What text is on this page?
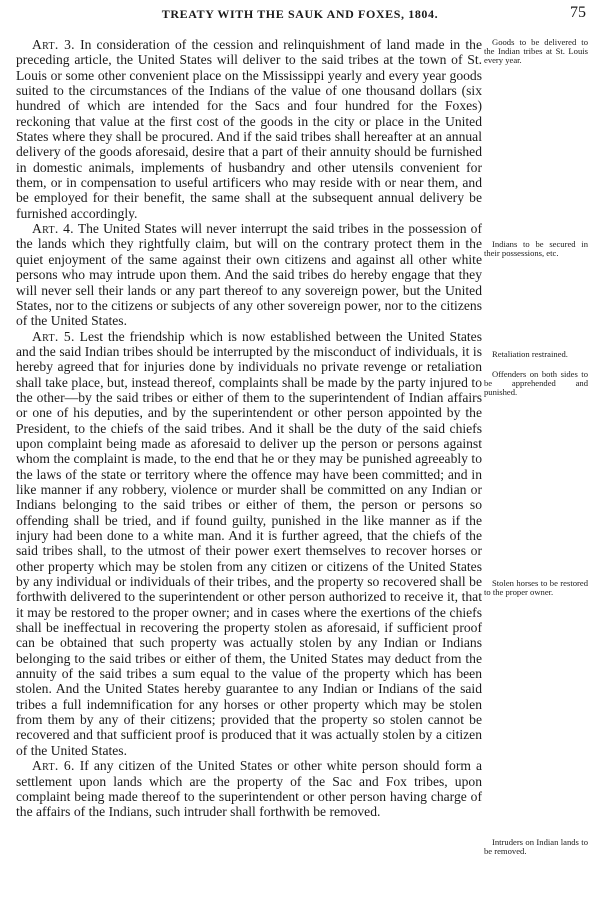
TREATY WITH THE SAUK AND FOXES, 1804.	75

Art. 3. In consideration of the cession and relinquishment of land made in the preceding article, the United States will deliver to the said tribes at the town of St. Louis or some other convenient place on the Mississippi yearly and every year goods suited to the circumstances of the Indians of the value of one thousand dollars (six hundred of which are intended for the Sacs and four hundred for the Foxes) reckoning that value at the first cost of the goods in the city or place in the United States where they shall be procured. And if the said tribes shall hereafter at an annual delivery of the goods aforesaid, desire that a part of their annuity should be furnished in domestic animals, implements of husbandry and other utensils convenient for them, or in compensation to useful artificers who may reside with or near them, and be employed for their benefit, the same shall at the subsequent annual delivery be furnished accordingly.

Art. 4. The United States will never interrupt the said tribes in the possession of the lands which they rightfully claim, but will on the contrary protect them in the quiet enjoyment of the same against their own citizens and against all other white persons who may intrude upon them. And the said tribes do hereby engage that they will never sell their lands or any part thereof to any sovereign power, but the United States, nor to the citizens or subjects of any other sovereign power, nor to the citizens of the United States.

Art. 5. Lest the friendship which is now established between the United States and the said Indian tribes should be interrupted by the misconduct of individuals, it is hereby agreed that for injuries done by individuals no private revenge or retaliation shall take place, but, instead thereof, complaints shall be made by the party injured to the other—by the said tribes or either of them to the superintendent of Indian affairs or one of his deputies, and by the superintendent or other person appointed by the President, to the chiefs of the said tribes. And it shall be the duty of the said chiefs upon complaint being made as aforesaid to deliver up the person or persons against whom the complaint is made, to the end that he or they may be punished agreeably to the laws of the state or territory where the offence may have been committed; and in like manner if any robbery, violence or murder shall be committed on any Indian or Indians belonging to the said tribes or either of them, the person or persons so offending shall be tried, and if found guilty, punished in the like manner as if the injury had been done to a white man. And it is further agreed, that the chiefs of the said tribes shall, to the utmost of their power exert themselves to recover horses or other property which may be stolen from any citizen or citizens of the United States by any individual or individuals of their tribes, and the property so recovered shall be forthwith delivered to the superintendent or other person authorized to receive it, that it may be restored to the proper owner; and in cases where the exertions of the chiefs shall be ineffectual in recovering the property stolen as aforesaid, if sufficient proof can be obtained that such property was actually stolen by any Indian or Indians belonging to the said tribes or either of them, the United States may deduct from the annuity of the said tribes a sum equal to the value of the property which has been stolen. And the United States hereby guarantee to any Indian or Indians of the said tribes a full indemnification for any horses or other property which may be stolen from them by any of their citizens; provided that the property so stolen cannot be recovered and that sufficient proof is produced that it was actually stolen by a citizen of the United States.

Art. 6. If any citizen of the United States or other white person should form a settlement upon lands which are the property of the Sac and Fox tribes, upon complaint being made thereof to the superintendent or other person having charge of the affairs of the Indians, such intruder shall forthwith be removed.

Goods to be delivered to the Indian tribes at St. Louis every year.
Indians to be secured in their possessions, etc.
Retaliation restrained.
Offenders on both sides to be apprehended and punished.
Stolen horses to be restored to the proper owner.
Intruders on Indian lands to be removed.
